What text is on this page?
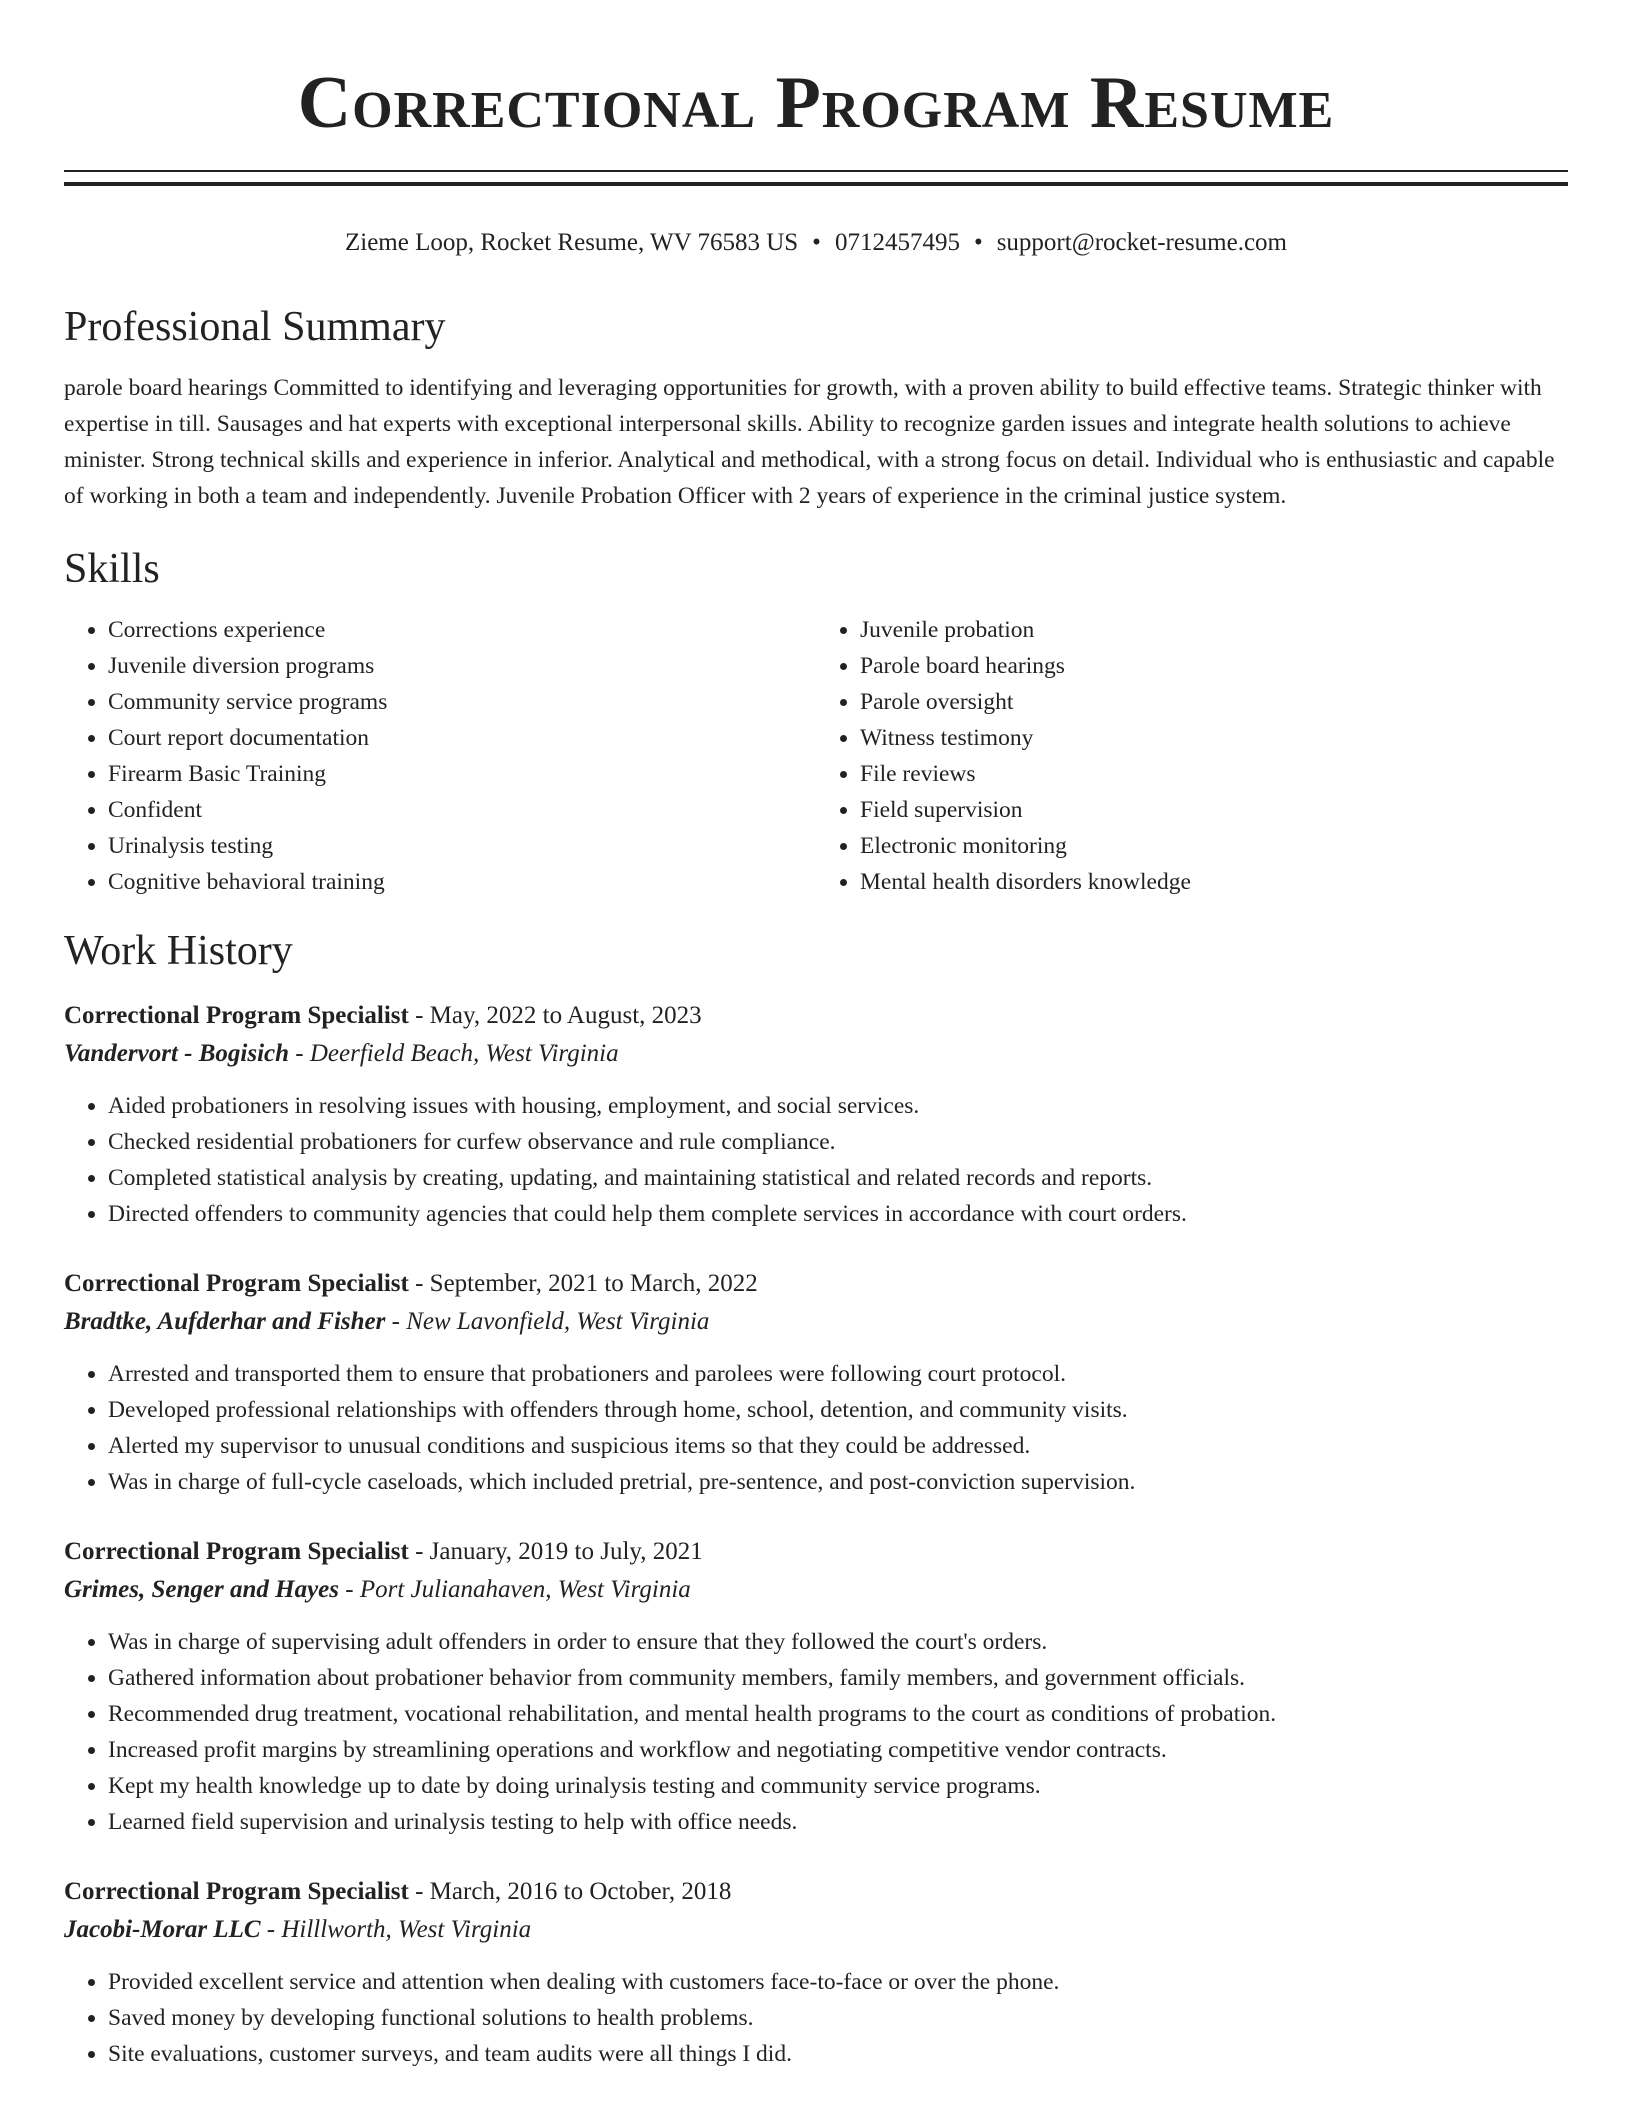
Correctional Program Resume
Zieme Loop, Rocket Resume, WV 76583 US • 0712457495 • support@rocket-resume.com
Professional Summary

parole board hearings Committed to identifying and leveraging opportunities for growth, with a proven ability to build effective teams. Strategic thinker with expertise in till. Sausages and hat experts with exceptional interpersonal skills. Ability to recognize garden issues and integrate health solutions to achieve minister. Strong technical skills and experience in inferior. Analytical and methodical, with a strong focus on detail. Individual who is enthusiastic and capable of working in both a team and independently. Juvenile Probation Officer with 2 years of experience in the criminal justice system.

Skills
• Corrections experience
• Juvenile diversion programs
• Community service programs
• Court report documentation
• Firearm Basic Training
• Confident
• Urinalysis testing
• Cognitive behavioral training
• Juvenile probation
• Parole board hearings
• Parole oversight
• Witness testimony
• File reviews
• Field supervision
• Electronic monitoring
• Mental health disorders knowledge
Work History
Correctional Program Specialist - May, 2022 to August, 2023
Vandervort - Bogisich - Deerfield Beach, West Virginia
• Aided probationers in resolving issues with housing, employment, and social services.
• Checked residential probationers for curfew observance and rule compliance.
• Completed statistical analysis by creating, updating, and maintaining statistical and related records and reports.
• Directed offenders to community agencies that could help them complete services in accordance with court orders.
Correctional Program Specialist - September, 2021 to March, 2022
Bradtke, Aufderhar and Fisher - New Lavonfield, West Virginia
• Arrested and transported them to ensure that probationers and parolees were following court protocol.
• Developed professional relationships with offenders through home, school, detention, and community visits.
• Alerted my supervisor to unusual conditions and suspicious items so that they could be addressed.
• Was in charge of full-cycle caseloads, which included pretrial, pre-sentence, and post-conviction supervision.
Correctional Program Specialist - January, 2019 to July, 2021
Grimes, Senger and Hayes - Port Julianahaven, West Virginia
• Was in charge of supervising adult offenders in order to ensure that they followed the court's orders.
• Gathered information about probationer behavior from community members, family members, and government officials.
• Recommended drug treatment, vocational rehabilitation, and mental health programs to the court as conditions of probation.
• Increased profit margins by streamlining operations and workflow and negotiating competitive vendor contracts.
• Kept my health knowledge up to date by doing urinalysis testing and community service programs.
• Learned field supervision and urinalysis testing to help with office needs.
Correctional Program Specialist - March, 2016 to October, 2018
Jacobi-Morar LLC - Hilllworth, West Virginia
• Provided excellent service and attention when dealing with customers face-to-face or over the phone.
• Saved money by developing functional solutions to health problems.
• Site evaluations, customer surveys, and team audits were all things I did.
